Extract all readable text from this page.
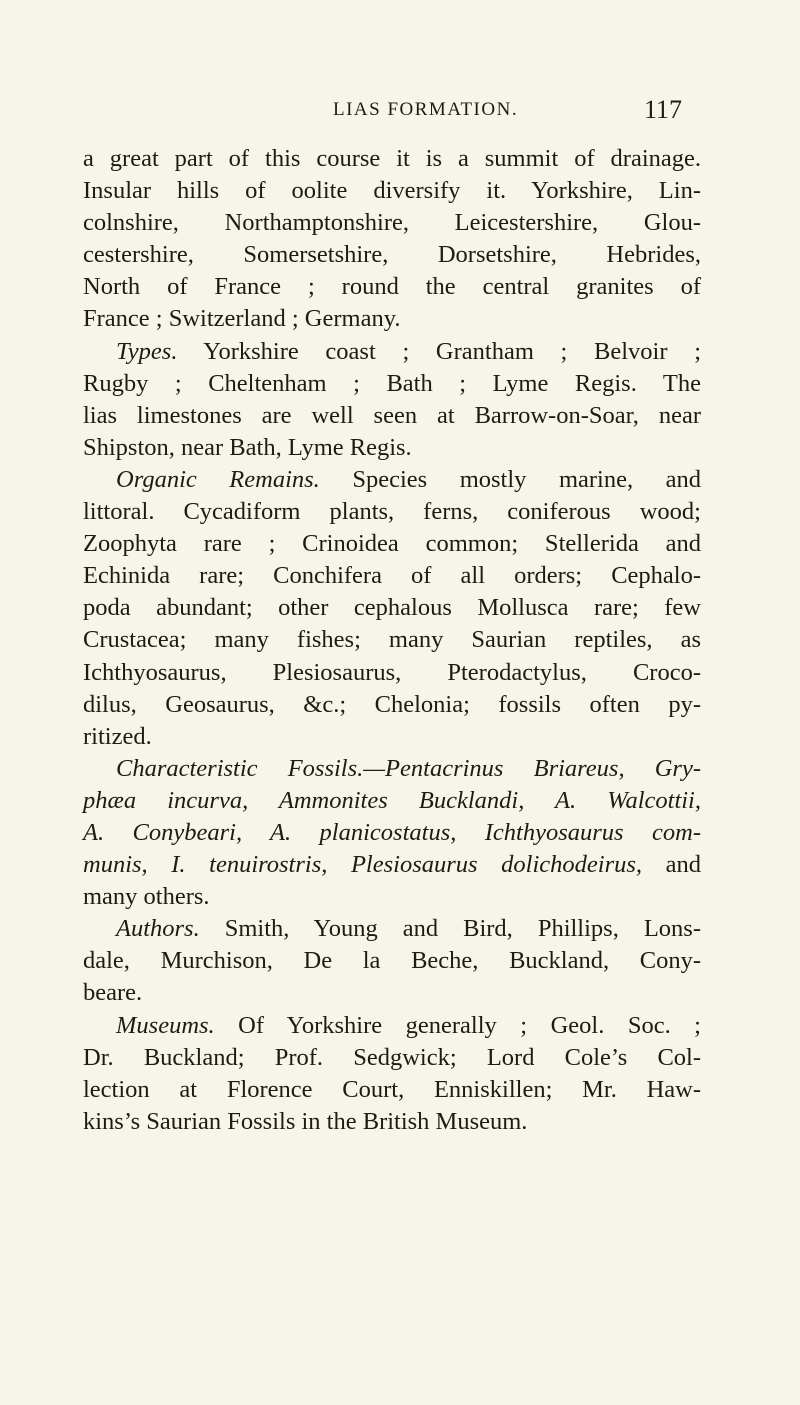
LIAS FORMATION.	117
a great part of this course it is a summit of drainage.
Insular hills of oolite diversify it. Yorkshire, Lin-
colnshire, Northamptonshire, Leicestershire, Glou-
cestershire, Somersetshire, Dorsetshire, Hebrides,
North of France ; round the central granites of
France ; Switzerland ; Germany.
Types. Yorkshire coast ; Grantham ; Belvoir ;
Rugby ; Cheltenham ; Bath ; Lyme Regis. The
lias limestones are well seen at Barrow-on-Soar, near
Shipston, near Bath, Lyme Regis.
Organic Remains. Species mostly marine, and
littoral. Cycadiform plants, ferns, coniferous wood;
Zoophyta rare ; Crinoidea common; Stellerida and
Echinida rare; Conchifera of all orders; Cephalo-
poda abundant; other cephalous Mollusca rare; few
Crustacea; many fishes; many Saurian reptiles, as
Ichthyosaurus, Plesiosaurus, Pterodactylus, Croco-
dilus, Geosaurus, &c.; Chelonia; fossils often py-
ritized.
Characteristic Fossils.—Pentacrinus Briareus, Gry-
phæa incurva, Ammonites Bucklandi, A. Walcottii,
A. Conybeari, A. planicostatus, Ichthyosaurus com-
munis, I. tenuirostris, Plesiosaurus dolichodeirus, and
many others.
Authors. Smith, Young and Bird, Phillips, Lons-
dale, Murchison, De la Beche, Buckland, Cony-
beare.
Museums. Of Yorkshire generally ; Geol. Soc. ;
Dr. Buckland; Prof. Sedgwick; Lord Cole’s Col-
lection at Florence Court, Enniskillen; Mr. Haw-
kins’s Saurian Fossils in the British Museum.
